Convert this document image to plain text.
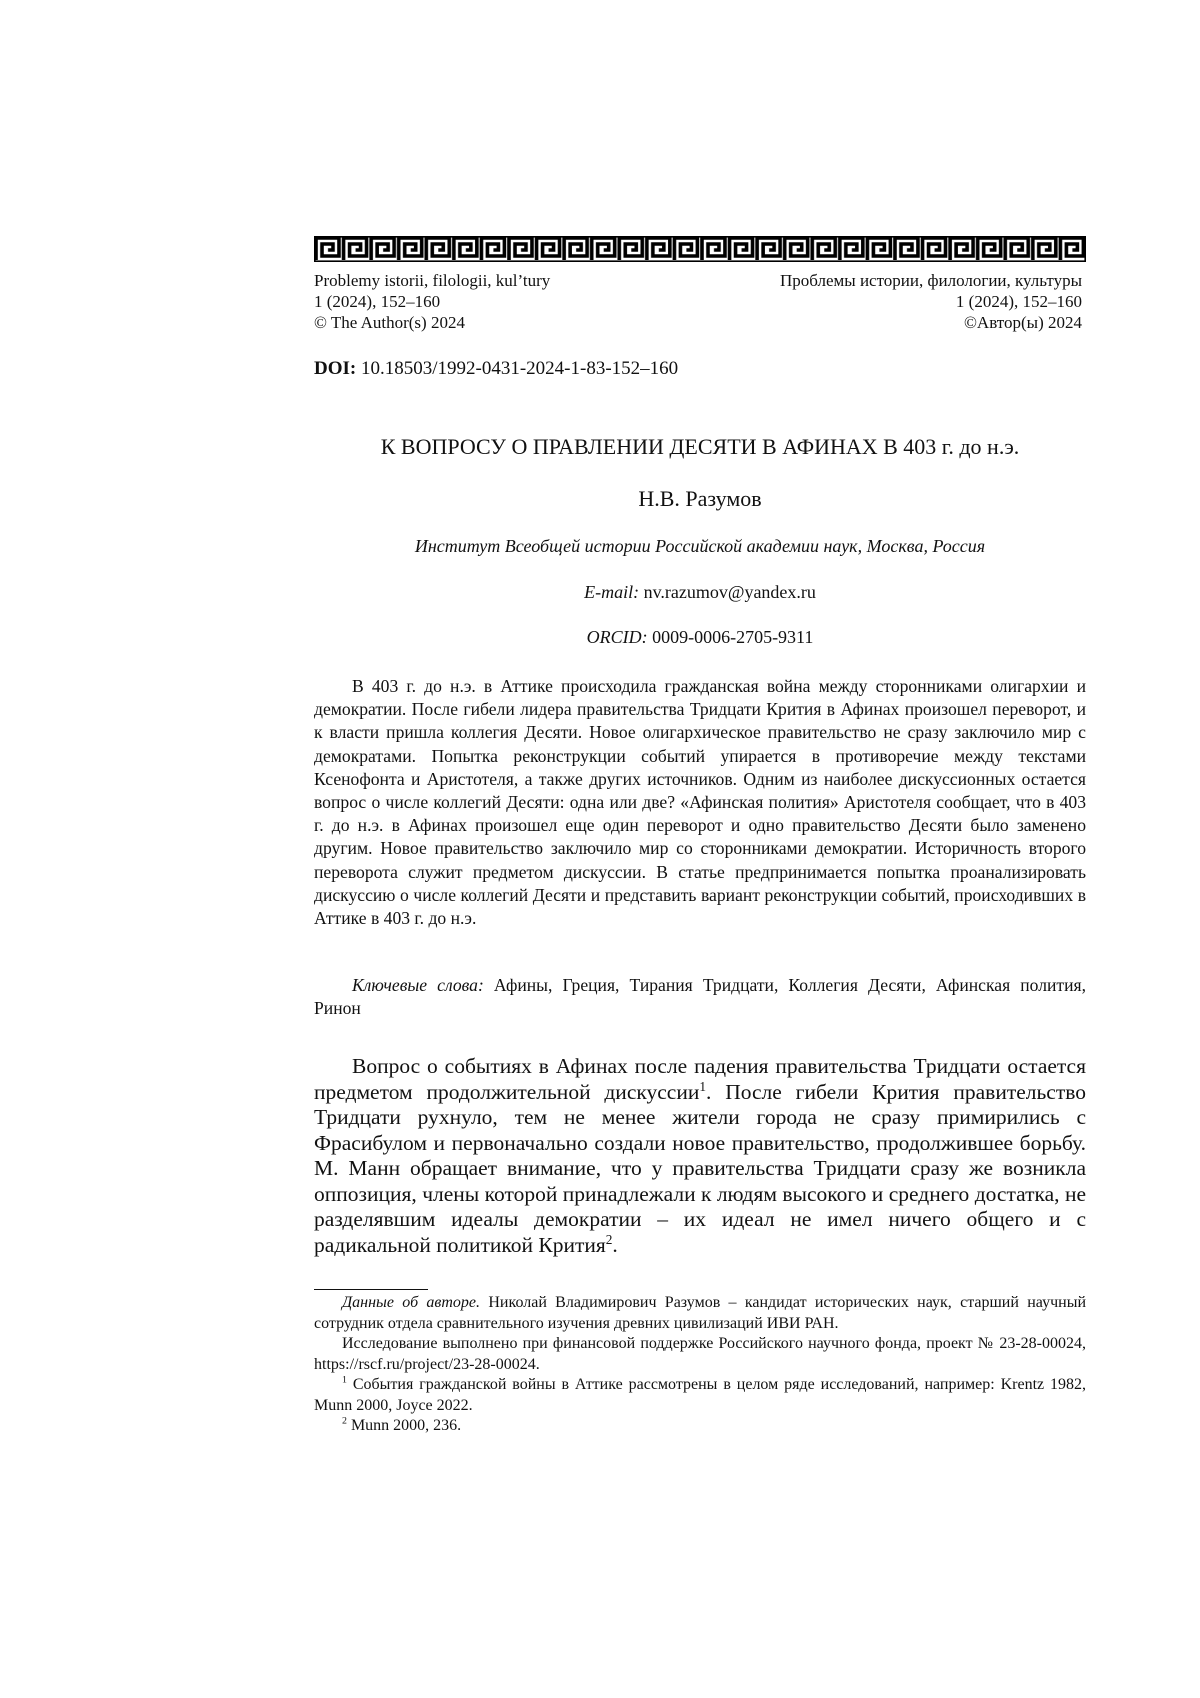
Problemy istorii, filologii, kul’tury
1 (2024), 152–160
© The Author(s) 2024
Проблемы истории, филологии, культуры
1 (2024), 152–160
©Автор(ы) 2024
DOI: 10.18503/1992-0431-2024-1-83-152–160
К ВОПРОСУ О ПРАВЛЕНИИ ДЕСЯТИ В АФИНАХ В 403 г. до н.э.
Н.В. Разумов
Институт Всеобщей истории Российской академии наук, Москва, Россия
E-mail: nv.razumov@yandex.ru
ORCID: 0009-0006-2705-9311

В 403 г. до н.э. в Аттике происходила гражданская война между сторонниками олигархии и демократии. После гибели лидера правительства Тридцати Крития в Афинах произошел переворот, и к власти пришла коллегия Десяти. Новое олигархическое правительство не сразу заключило мир с демократами. Попытка реконструкции событий упирается в противоречие между текстами Ксенофонта и Аристотеля, а также других источников. Одним из наиболее дискуссионных остается вопрос о числе коллегий Десяти: одна или две? «Афинская полития» Аристотеля сообщает, что в 403 г. до н.э. в Афинах произошел еще один переворот и одно правительство Десяти было заменено другим. Новое правительство заключило мир со сторонниками демократии. Историчность второго переворота служит предметом дискуссии. В статье предпринимается попытка проанализировать дискуссию о числе коллегий Десяти и представить вариант реконструкции событий, происходивших в Аттике в 403 г. до н.э.

Ключевые слова: Афины, Греция, Тирания Тридцати, Коллегия Десяти, Афинская полития, Ринон

Вопрос о событиях в Афинах после падения правительства Тридцати остается предметом продолжительной дискуссии1. После гибели Крития правительство Тридцати рухнуло, тем не менее жители города не сразу примирились с Фрасибулом и первоначально создали новое правительство, продолжившее борьбу. М. Манн обращает внимание, что у правительства Тридцати сразу же возникла оппозиция, члены которой принадлежали к людям высокого и среднего достатка, не разделявшим идеалы демократии – их идеал не имел ничего общего и с радикальной политикой Крития2.

Данные об авторе. Николай Владимирович Разумов – кандидат исторических наук, старший научный сотрудник отдела сравнительного изучения древних цивилизаций ИВИ РАН.

Исследование выполнено при финансовой поддержке Российского научного фонда, проект № 23-28-00024, https://rscf.ru/project/23-28-00024.

1 События гражданской войны в Аттике рассмотрены в целом ряде исследований, например: Krentz 1982, Munn 2000, Joyce 2022.

2 Munn 2000, 236.
